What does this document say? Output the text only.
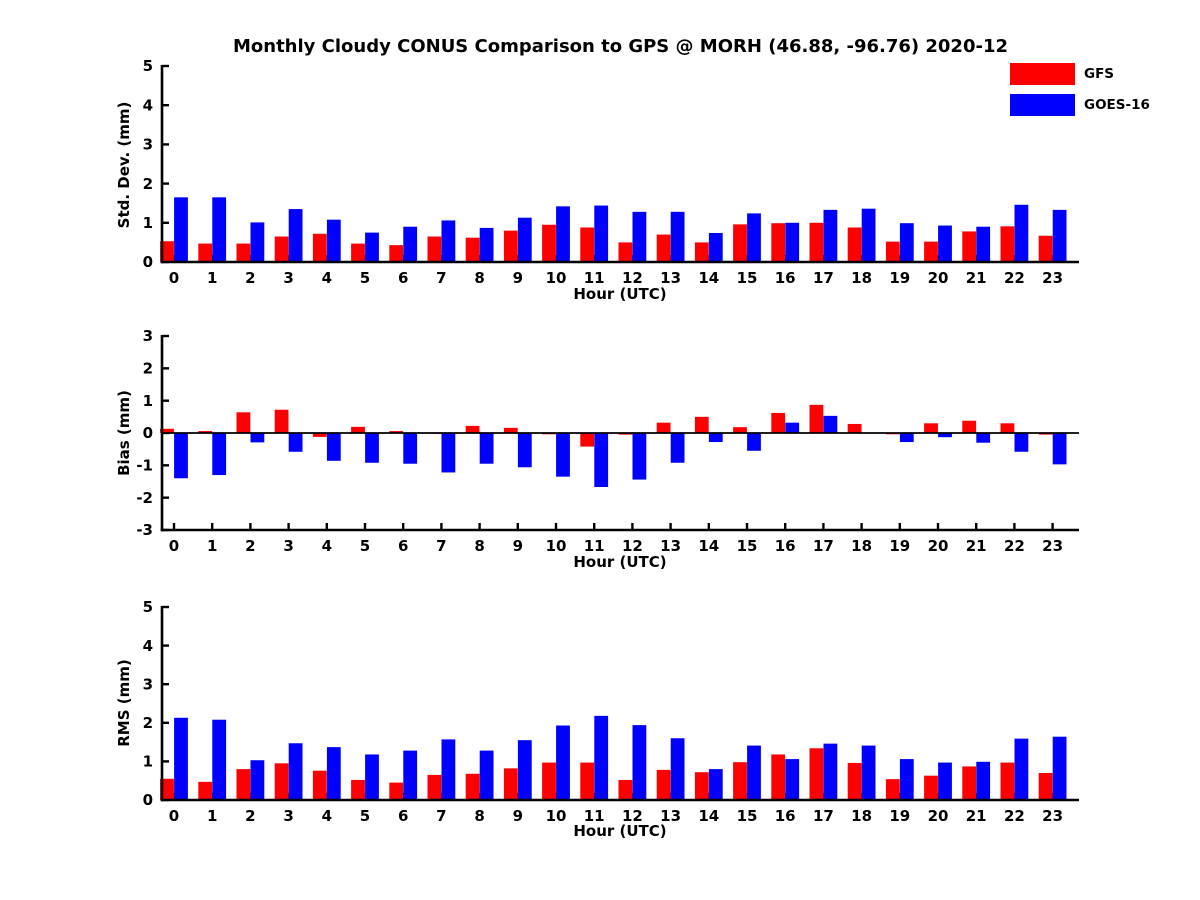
Monthly Cloudy CONUS Comparison to GPS @ MORH (46.88, -96.76) 2020-12
GFS
GOES-16
Std. Dev. (mm)
Bias (mm)
RMS (mm)
Hour (UTC)
Hour (UTC)
Hour (UTC)
0
1
2
3
4
5
0 1 2 3 4 5 6 7 8 9 10 11 12 13 14 15 16 17 18 19 20 21 22 23
-3
-2
-1
0
1
2
3
0 1 2 3 4 5 6 7 8 9 10 11 12 13 14 15 16 17 18 19 20 21 22 23
0
1
2
3
4
5
0 1 2 3 4 5 6 7 8 9 10 11 12 13 14 15 16 17 18 19 20 21 22 23
